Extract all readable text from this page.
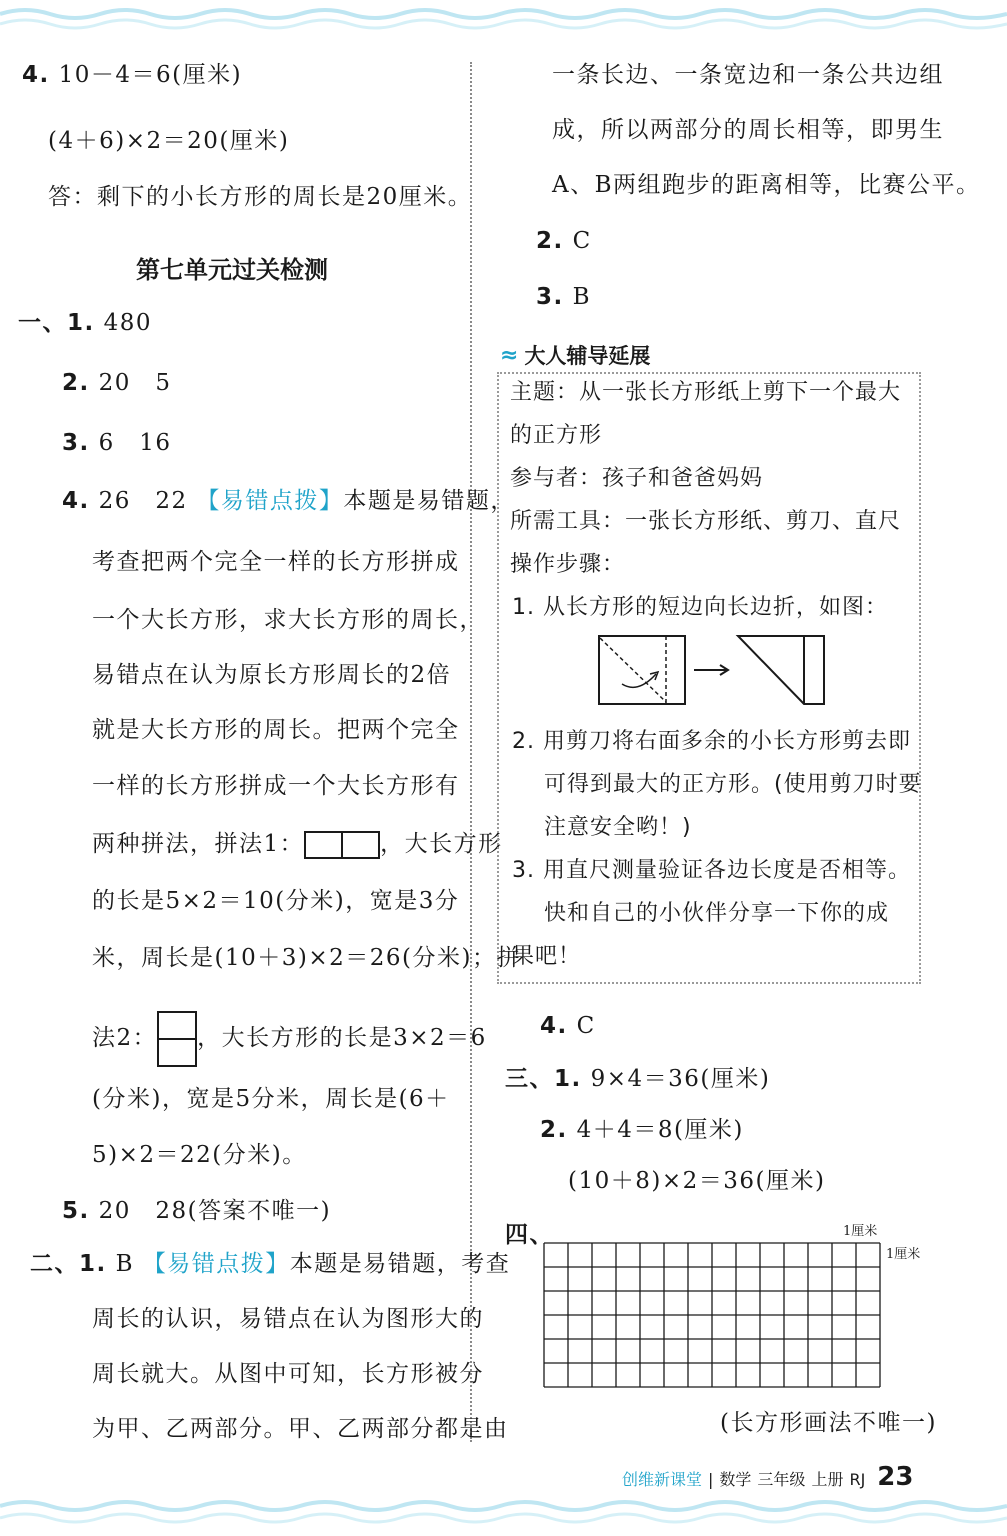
4. 10－4＝6(厘米)
(4＋6)×2＝20(厘米)
答：剩下的小长方形的周长是20厘米。
第七单元过关检测
一、1. 480
2. 20　5
3. 6　16
4. 26　22 【易错点拨】本题是易错题，
考查把两个完全一样的长方形拼成
一个大长方形，求大长方形的周长，
易错点在认为原长方形周长的2倍
就是大长方形的周长。把两个完全
一样的长方形拼成一个大长方形有
两种拼法，拼法1：	，大长方形
的长是5×2＝10(分米)，宽是3分
米，周长是(10＋3)×2＝26(分米)；拼
法2： ，大长方形的长是3×2＝6
(分米)，宽是5分米，周长是(6＋
5)×2＝22(分米)。
5. 20　28(答案不唯一)
二、1. B 【易错点拨】本题是易错题，考查
周长的认识，易错点在认为图形大的
周长就大。从图中可知，长方形被分
为甲、乙两部分。甲、乙两部分都是由
一条长边、一条宽边和一条公共边组
成，所以两部分的周长相等，即男生
A、B两组跑步的距离相等，比赛公平。
2. C
3. B
≈ 大人辅导延展
主题：从一张长方形纸上剪下一个最大
的正方形
参与者：孩子和爸爸妈妈
所需工具：一张长方形纸、剪刀、直尺
操作步骤：
1. 从长方形的短边向长边折，如图：
2. 用剪刀将右面多余的小长方形剪去即
可得到最大的正方形。(使用剪刀时要
注意安全哟！)
3. 用直尺测量验证各边长度是否相等。
快和自己的小伙伴分享一下你的成
果吧！
4. C
三、1. 9×4＝36(厘米)
2. 4＋4＝8(厘米)
(10＋8)×2＝36(厘米)
四、	1厘米
1厘米
(长方形画法不唯一)
创维新课堂 | 数学 三年级 上册 RJ 23
